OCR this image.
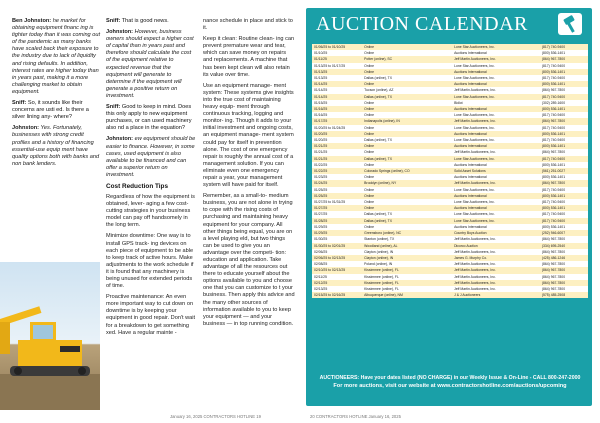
Ben Johnston: he market for obtaining equipment financ ing is tighter today than it was coming out of the pandemic as many banks have scaled back their exposure to the industry due to lack of liquidity and rising defaults. In addition, interest rates are higher today than in years past, making it a more challenging market to obtain equipment.

Sniff: So, it sounds like their concerns are usti ed. Is there a silver lining any- where?

Johnston: Yes. Fortunately, businesses with strong credit profiles and a history of financing essential-use equip ment have quality options both with banks and non bank lenders.

Sniff: That is good news.

Johnston: However, business owners should expect a higher cost of capital than in years past and therefore should calculate the cost of the equipment relative to expected revenue that the equipment will generate to determine if the equipment will generate a positive return on investment.

Sniff: Good to keep in mind. Does this only apply to new equipment purchases, or can used machinery also nd a place in the equation?

Johnston: ew equipment should be easier to finance. However, in some cases, used equipment is also available to be financed and can offer a superior return on investment.

Cost Reduction Tips

Regardless of how the equipment is obtained, lever- aging a few cost-cutting strategies in your business model can pay off handsomely in the long term.

Minimize downtime: One way is to install GPS track- ing devices on each piece of equipment to be able to keep track of active hours. Make adjustments to the work schedule if it is found that any machinery is being unused for extended periods of time.

Proactive maintenance: An even more important way to cut down on downtime is by keeping your equipment in good repair. Don't wait for a breakdown to get something xed. Have a regular mainte -

nance schedule in place and stick to it.

Keep it clean: Routine clean- ing can prevent premature wear and tear, which can save money on repairs and replacements. A machine that has been kept clean will also retain its value over time.

Use an equipment manage- ment system: These systems give insights into the true cost of maintaining heavy equip- ment through continuous tracking, logging and monitor- ing. Though it adds to your initial investment and ongoing costs, an equipment manage- ment system could pay for itself in prevention alone. The cost of one emergency repair is roughly the annual cost of a management solution. If you can eliminate even one emergency repair a year, your management system will have paid for itself.

Remember, as a small-to- medium business, you are not alone in trying to cope with the rising costs of purchasing and maintaining heavy equipment for your company. All other things being equal, you are on a level playing eld, but two things can be used to give you an advantage over the competi- tion: education and application. Take advantage of all the resources out there to educate yourself about the options available to you and choose one that you can customize to t your business. Then apply this advice and the many other sources of information available to you to keep your equipment — and your business — in top running condition.

January 16, 2025 CONTRACTORS HOTLINE 19
AUCTION CALENDAR
01/06/25 to 01/10/25	Online	Lone Star Auctioneers, Inc.	(817) 740-9400
01/10/25	Online	Auctions International	(800) 536-1401
01/11/25	Potter (online), SC	Jeff Martin Auctioneers, Inc.	(864) 967-7800
01/13/25 to 01/17/25	Online	Lone Star Auctioneers, Inc.	(817) 740-9400
01/13/25	Online	Auctions International	(800) 536-1401
01/13/25	Dallas (online), TX	Lone Star Auctioneers, Inc.	(817) 740-9400
01/14/25	Online	Auctions International	(800) 536-1401
01/14/25	Tucson (online), AZ	Jeff Martin Auctioneers, Inc.	(864) 967-7800
01/14/25	Dallas (online), TX	Lone Star Auctioneers, Inc.	(817) 740-9400
01/15/25	Online	Bidlot	(302) 289-1600
01/16/25	Online	Auctions International	(800) 536-1401
01/16/25	Online	Lone Star Auctioneers, Inc.	(817) 740-9400
01/17/25	Indianapolis (online), IN	Jeff Martin Auctioneers, Inc.	(864) 967-7800
01/20/25 to 01/24/25	Online	Lone Star Auctioneers, Inc.	(817) 740-9400
01/20/25	Online	Auctions International	(800) 536-1401
01/20/25	Dallas (online), TX	Lone Star Auctioneers, Inc.	(817) 740-9400
01/21/25	Online	Auctions International	(800) 536-1401
01/21/25	Online	Jeff Martin Auctioneers, Inc.	(864) 967-7800
01/21/25	Dallas (online), TX	Lone Star Auctioneers, Inc.	(817) 740-9400
01/22/25	Online	Auctions International	(800) 536-1401
01/22/25	Colorado Springs (online), CO	Solid Asset Solutions	(561) 251-0027
01/23/25	Online	Auctions International	(800) 536-1401
01/24/25	Brooklyn (online), NY	Jeff Martin Auctioneers, Inc.	(864) 967-7800
01/25/25	Online	Lone Star Auctioneers, Inc.	(817) 740-9400
01/25/25	Online	Auctions International	(800) 536-1401
01/27/25 to 01/31/25	Online	Lone Star Auctioneers, Inc.	(817) 740-9400
01/27/25	Online	Auctions International	(800) 536-1401
01/27/25	Dallas (online), TX	Lone Star Auctioneers, Inc.	(817) 740-9400
01/28/25	Dallas (online), TX	Lone Star Auctioneers, Inc.	(817) 740-9400
01/29/25	Online	Auctions International	(800) 536-1401
01/29/25	Greensboro (online), NC	Country Boys Auction	(252) 946-6007
01/30/25	Stanton (online), TX	Jeff Martin Auctioneers, Inc.	(864) 967-7800
01/30/25 to 02/01/25	Woodland (online), AL	Dicorco Auction	(334) 695-2540
02/06/25	Clayton (online), IN	Jeff Martin Auctioneers, Inc.	(864) 967-7800
02/06/25 to 02/13/25	Clayton (online), IN	James G. Murphy Co.	(425) 486-1246
02/08/25	Poland (online), IN	Jeff Martin Auctioneers, Inc.	(864) 967-7800
02/10/25 to 02/13/25	Kissimmee (online), FL	Jeff Martin Auctioneers, Inc.	(864) 967-7800
02/11/25	Kissimmee (online), FL	Jeff Martin Auctioneers, Inc.	(864) 967-7800
02/12/25	Kissimmee (online), FL	Jeff Martin Auctioneers, Inc.	(864) 967-7800
02/13/25	Kissimmee (online), FL	Jeff Martin Auctioneers, Inc.	(864) 967-7800
02/15/25 to 02/16/25	Albuquerque (online), NM	J & J Auctioneers	(575) 485-2508
AUCTIONEERS: Have your dates listed (NO CHARGE) in our Weekly Issue & On-Line - CALL 800-247-2000
For more auctions, visit our website at www.contractorshotline.com/auctions/upcoming
20 CONTRACTORS HOTLINE January 16, 2025
